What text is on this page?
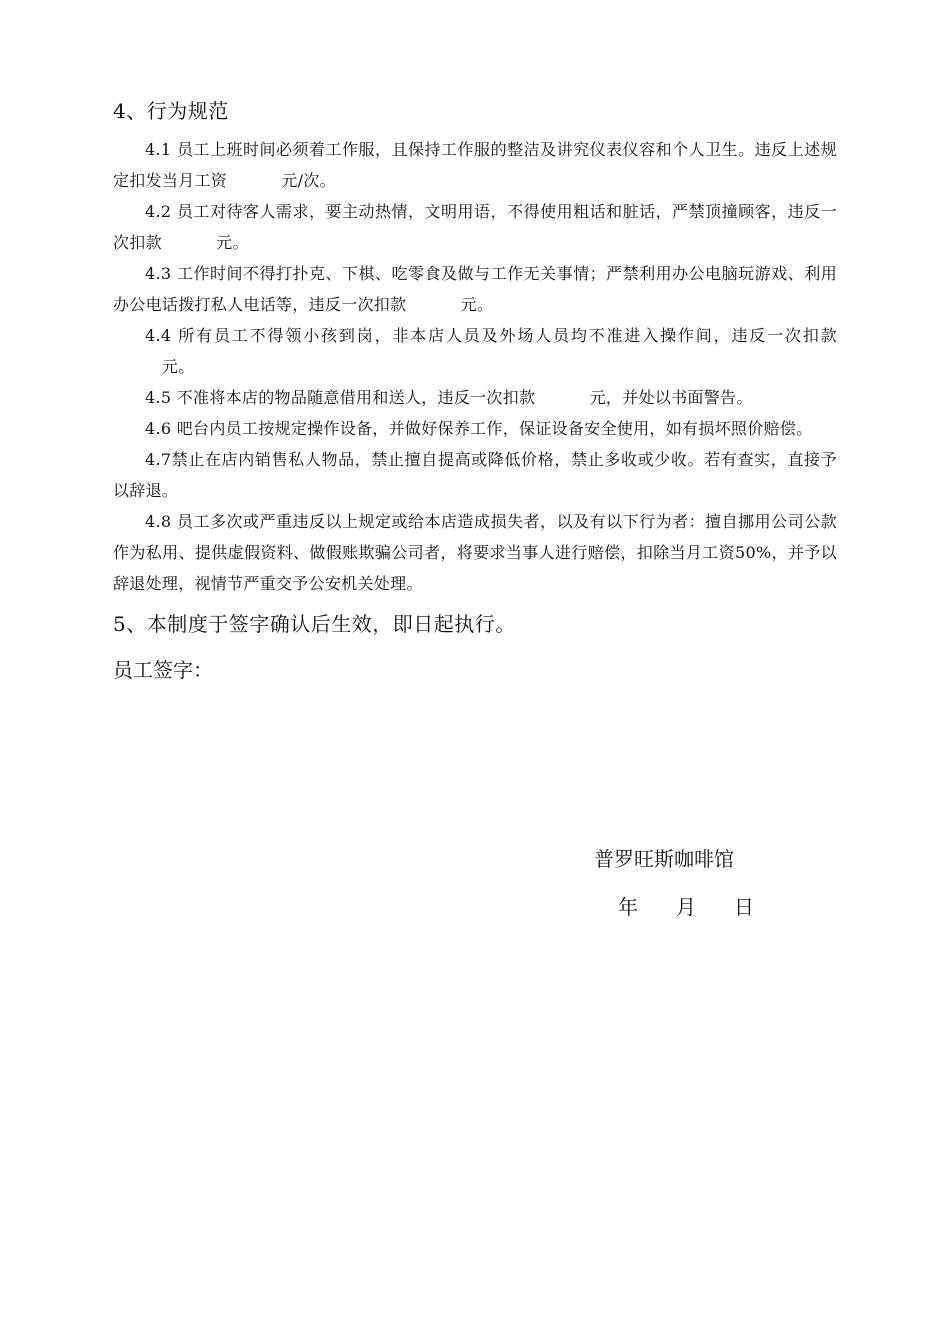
4、行为规范

4.1 员工上班时间必须着工作服，且保持工作服的整洁及讲究仪表仪容和个人卫生。违反上述规定扣发当月工资 　　　元/次。

4.2 员工对待客人需求，要主动热情，文明用语，不得使用粗话和脏话，严禁顶撞顾客，违反一次扣款 　　　元。

4.3 工作时间不得打扑克、下棋、吃零食及做与工作无关事情；严禁利用办公电脑玩游戏、利用办公电话拨打私人电话等，违反一次扣款 　　　元。

4.4 所有员工不得领小孩到岗，非本店人员及外场人员均不准进入操作间，违反一次扣款 　　　元。

4.5 不准将本店的物品随意借用和送人，违反一次扣款 　　　元，并处以书面警告。

4.6 吧台内员工按规定操作设备，并做好保养工作，保证设备安全使用，如有损坏照价赔偿。

4.7禁止在店内销售私人物品，禁止擅自提高或降低价格，禁止多收或少收。若有查实，直接予以辞退。

4.8 员工多次或严重违反以上规定或给本店造成损失者，以及有以下行为者：擅自挪用公司公款作为私用、提供虚假资料、做假账欺骗公司者，将要求当事人进行赔偿，扣除当月工资50%，并予以辞退处理，视情节严重交予公安机关处理。

5、本制度于签字确认后生效，即日起执行。

员工签字：

普罗旺斯咖啡馆
年 月 日
